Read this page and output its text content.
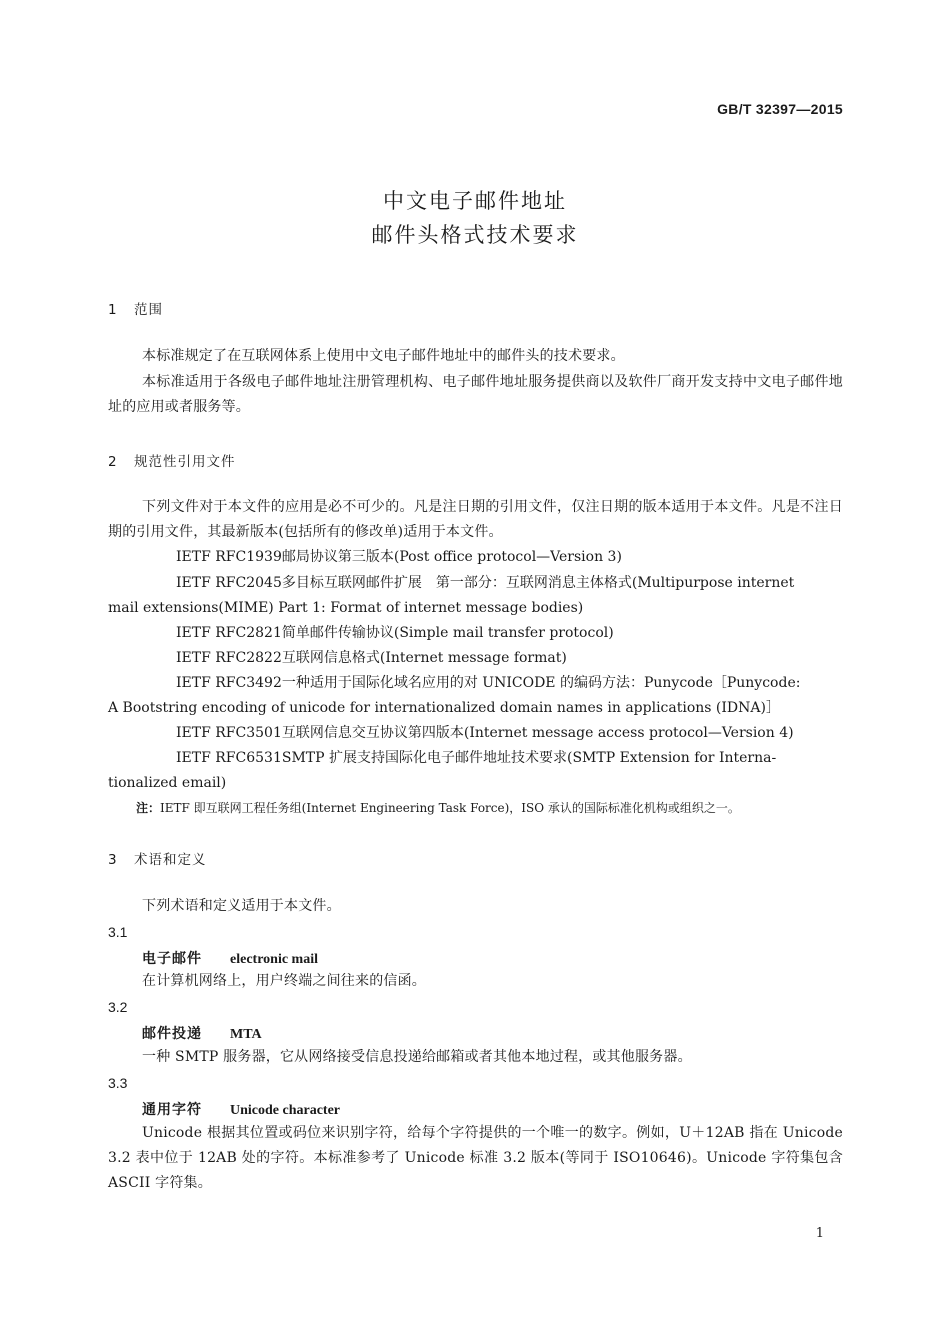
GB/T 32397—2015
中文电子邮件地址
邮件头格式技术要求
1 范围
本标准规定了在互联网体系上使用中文电子邮件地址中的邮件头的技术要求。
本标准适用于各级电子邮件地址注册管理机构、电子邮件地址服务提供商以及软件厂商开发支持中文电子邮件地址的应用或者服务等。
2 规范性引用文件
下列文件对于本文件的应用是必不可少的。凡是注日期的引用文件，仅注日期的版本适用于本文件。凡是不注日期的引用文件，其最新版本(包括所有的修改单)适用于本文件。
IETF RFC1939邮局协议第三版本(Post office protocol—Version 3)
IETF RFC2045多目标互联网邮件扩展　第一部分：互联网消息主体格式(Multipurpose internet
mail extensions(MIME) Part 1: Format of internet message bodies)
IETF RFC2821简单邮件传输协议(Simple mail transfer protocol)
IETF RFC2822互联网信息格式(Internet message format)
IETF RFC3492一种适用于国际化域名应用的对 UNICODE 的编码方法：Punycode［Punycode:
A Bootstring encoding of unicode for internationalized domain names in applications (IDNA)］
IETF RFC3501互联网信息交互协议第四版本(Internet message access protocol—Version 4)
IETF RFC6531SMTP 扩展支持国际化电子邮件地址技术要求(SMTP Extension for Interna-
tionalized email)
注：IETF 即互联网工程任务组(Internet Engineering Task Force)，ISO 承认的国际标准化机构或组织之一。
3 术语和定义
下列术语和定义适用于本文件。
3.1
电子邮件 electronic mail
在计算机网络上，用户终端之间往来的信函。
3.2
邮件投递 MTA
一种 SMTP 服务器，它从网络接受信息投递给邮箱或者其他本地过程，或其他服务器。
3.3
通用字符 Unicode character
Unicode 根据其位置或码位来识别字符，给每个字符提供的一个唯一的数字。例如，U＋12AB 指在 Unicode 3.2 表中位于 12AB 处的字符。本标准参考了 Unicode 标准 3.2 版本(等同于 ISO10646)。Unicode 字符集包含 ASCII 字符集。
1
